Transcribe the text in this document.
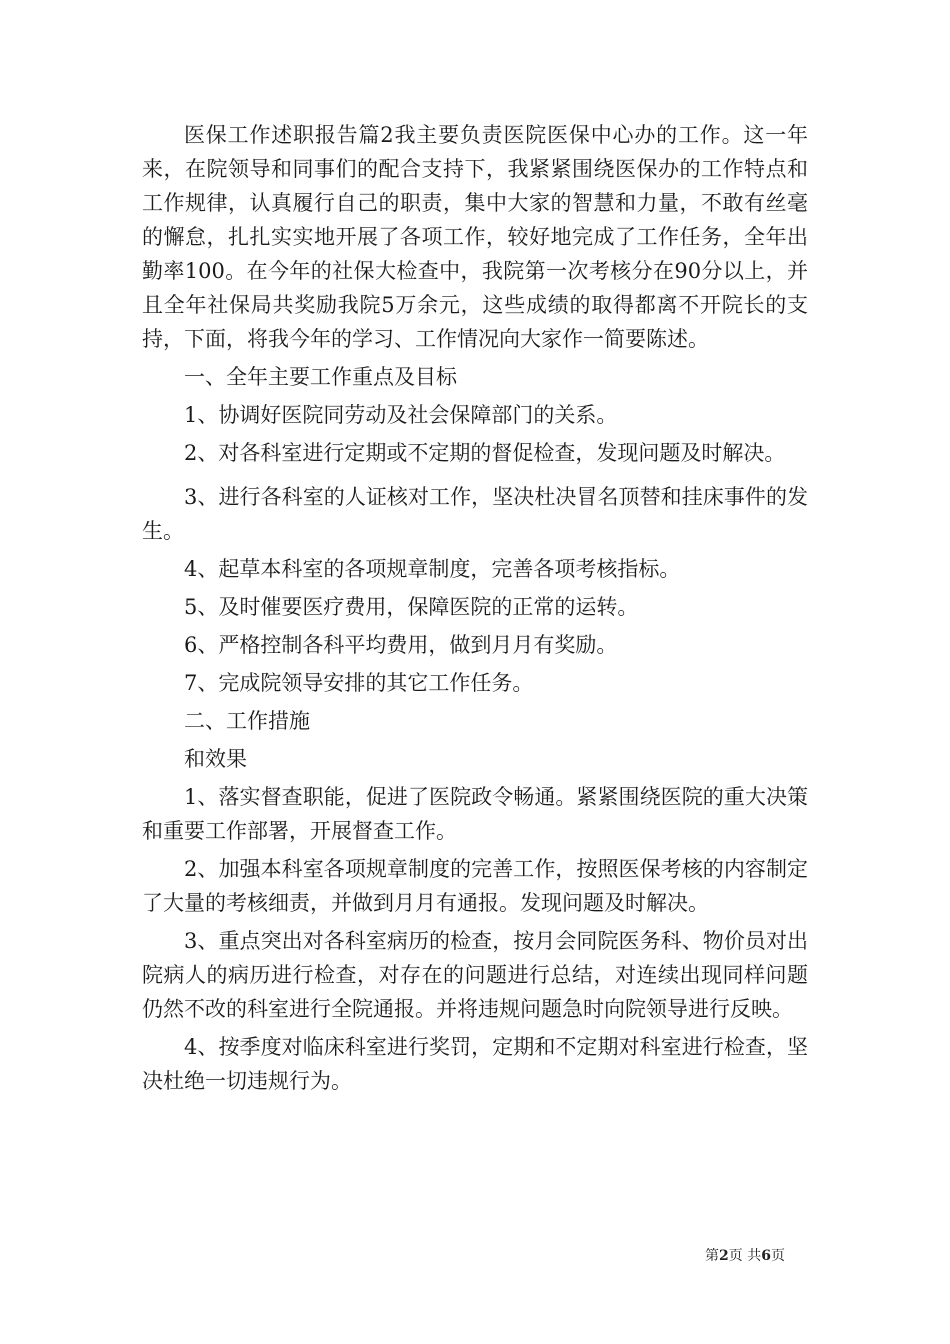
医保工作述职报告篇2我主要负责医院医保中心办的工作。这一年来，在院领导和同事们的配合支持下，我紧紧围绕医保办的工作特点和工作规律，认真履行自己的职责，集中大家的智慧和力量，不敢有丝毫的懈怠，扎扎实实地开展了各项工作，较好地完成了工作任务，全年出勤率100。在今年的社保大检查中，我院第一次考核分在90分以上，并且全年社保局共奖励我院5万余元，这些成绩的取得都离不开院长的支持，下面，将我今年的学习、工作情况向大家作一简要陈述。

一、全年主要工作重点及目标

1、协调好医院同劳动及社会保障部门的关系。

2、对各科室进行定期或不定期的督促检查，发现问题及时解决。

3、进行各科室的人证核对工作，坚决杜决冒名顶替和挂床事件的发生。

4、起草本科室的各项规章制度，完善各项考核指标。

5、及时催要医疗费用，保障医院的正常的运转。

6、严格控制各科平均费用，做到月月有奖励。

7、完成院领导安排的其它工作任务。

二、工作措施

和效果

1、落实督查职能，促进了医院政令畅通。紧紧围绕医院的重大决策和重要工作部署，开展督查工作。

2、加强本科室各项规章制度的完善工作，按照医保考核的内容制定了大量的考核细责，并做到月月有通报。发现问题及时解决。

3、重点突出对各科室病历的检查，按月会同院医务科、物价员对出院病人的病历进行检查，对存在的问题进行总结，对连续出现同样问题仍然不改的科室进行全院通报。并将违规问题急时向院领导进行反映。

4、按季度对临床科室进行奖罚，定期和不定期对科室进行检查，坚决杜绝一切违规行为。

第2页 共6页
